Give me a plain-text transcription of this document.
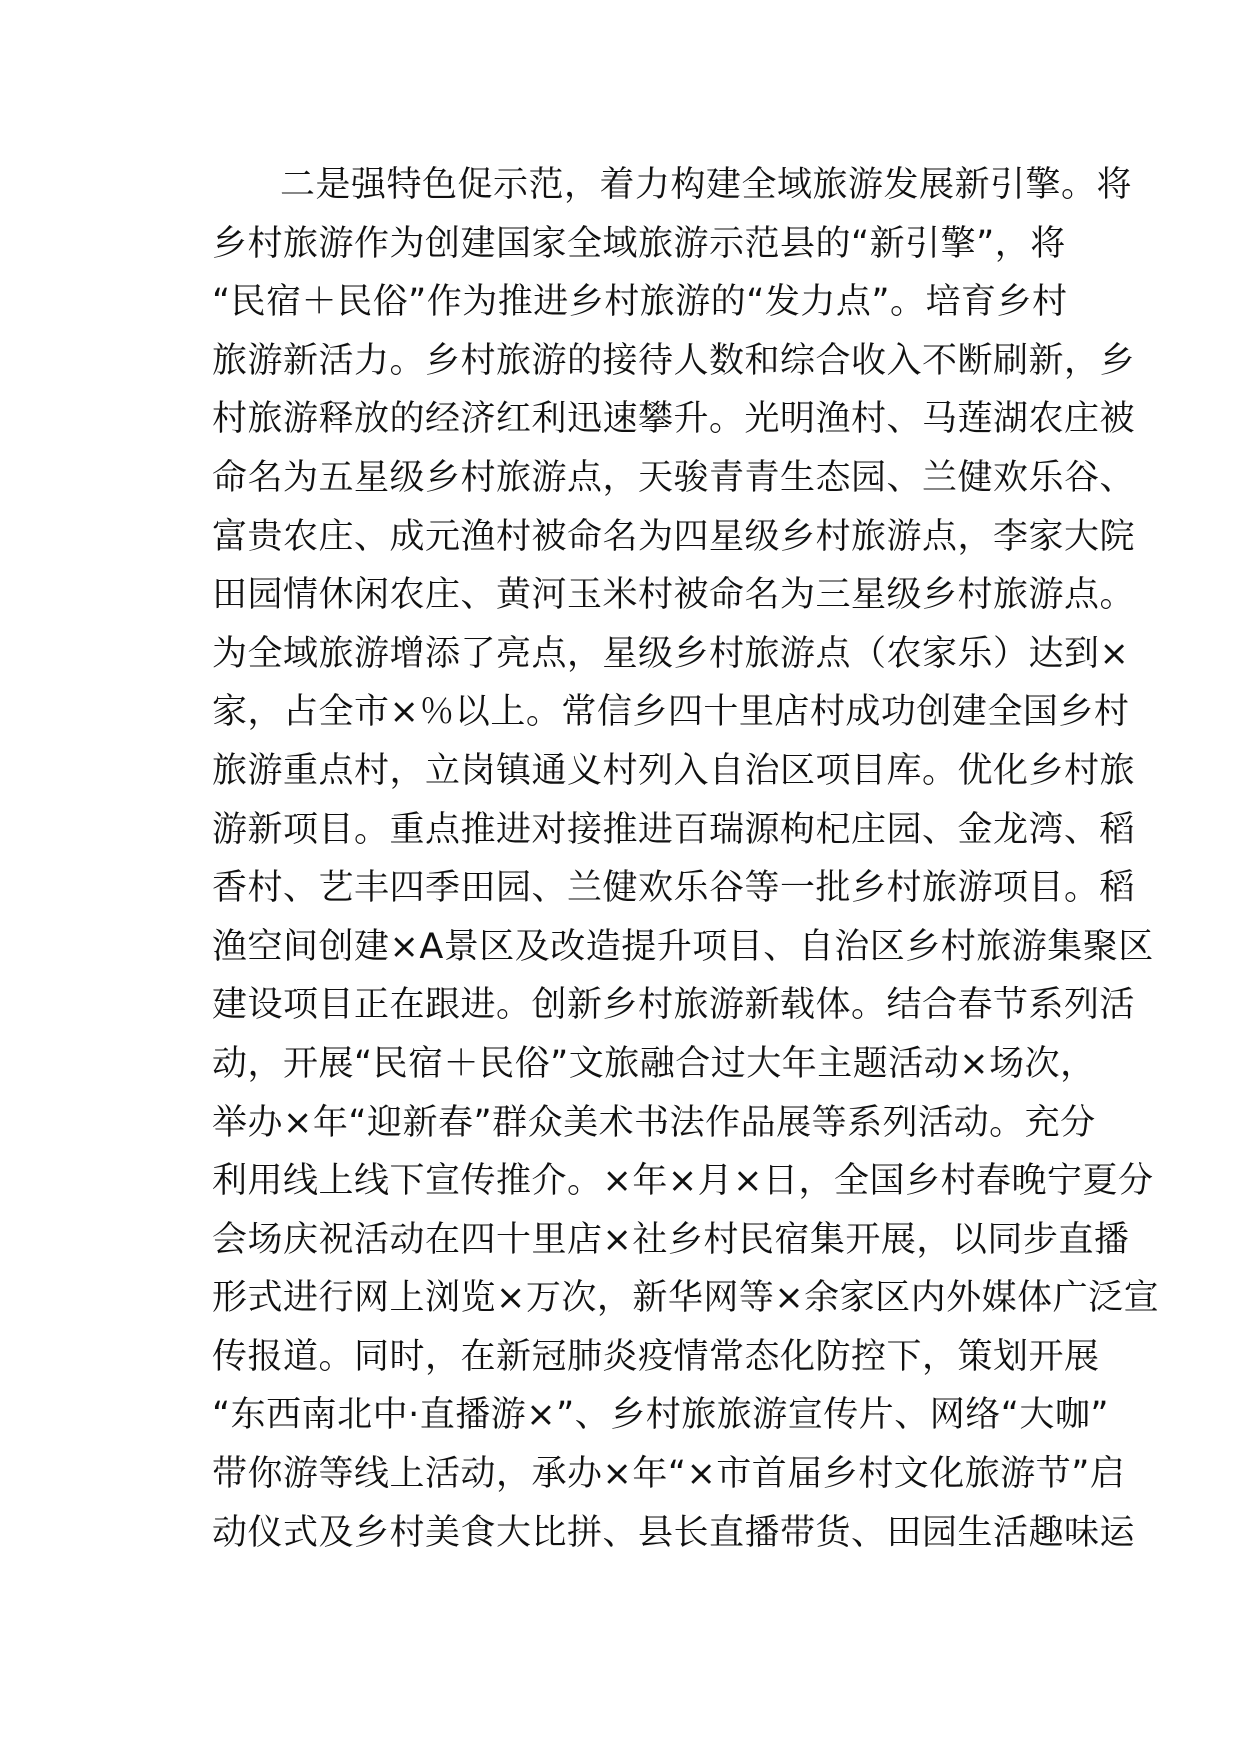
二是强特色促示范，着力构建全域旅游发展新引擎。将
乡村旅游作为创建国家全域旅游示范县的“新引擎”，将
“民宿＋民俗”作为推进乡村旅游的“发力点”。培育乡村
旅游新活力。乡村旅游的接待人数和综合收入不断刷新，乡
村旅游释放的经济红利迅速攀升。光明渔村、马莲湖农庄被
命名为五星级乡村旅游点，天骏青青生态园、兰健欢乐谷、
富贵农庄、成元渔村被命名为四星级乡村旅游点，李家大院
田园情休闲农庄、黄河玉米村被命名为三星级乡村旅游点。
为全域旅游增添了亮点，星级乡村旅游点（农家乐）达到×
家，占全市×％以上。常信乡四十里店村成功创建全国乡村
旅游重点村，立岗镇通义村列入自治区项目库。优化乡村旅
游新项目。重点推进对接推进百瑞源枸杞庄园、金龙湾、稻
香村、艺丰四季田园、兰健欢乐谷等一批乡村旅游项目。稻
渔空间创建×A景区及改造提升项目、自治区乡村旅游集聚区
建设项目正在跟进。创新乡村旅游新载体。结合春节系列活
动，开展“民宿＋民俗”文旅融合过大年主题活动×场次，
举办×年“迎新春”群众美术书法作品展等系列活动。充分
利用线上线下宣传推介。×年×月×日，全国乡村春晚宁夏分
会场庆祝活动在四十里店×社乡村民宿集开展，以同步直播
形式进行网上浏览×万次，新华网等×余家区内外媒体广泛宣
传报道。同时，在新冠肺炎疫情常态化防控下，策划开展
“东西南北中·直播游×”、乡村旅旅游宣传片、网络“大咖”
带你游等线上活动，承办×年“×市首届乡村文化旅游节”启
动仪式及乡村美食大比拼、县长直播带货、田园生活趣味运
